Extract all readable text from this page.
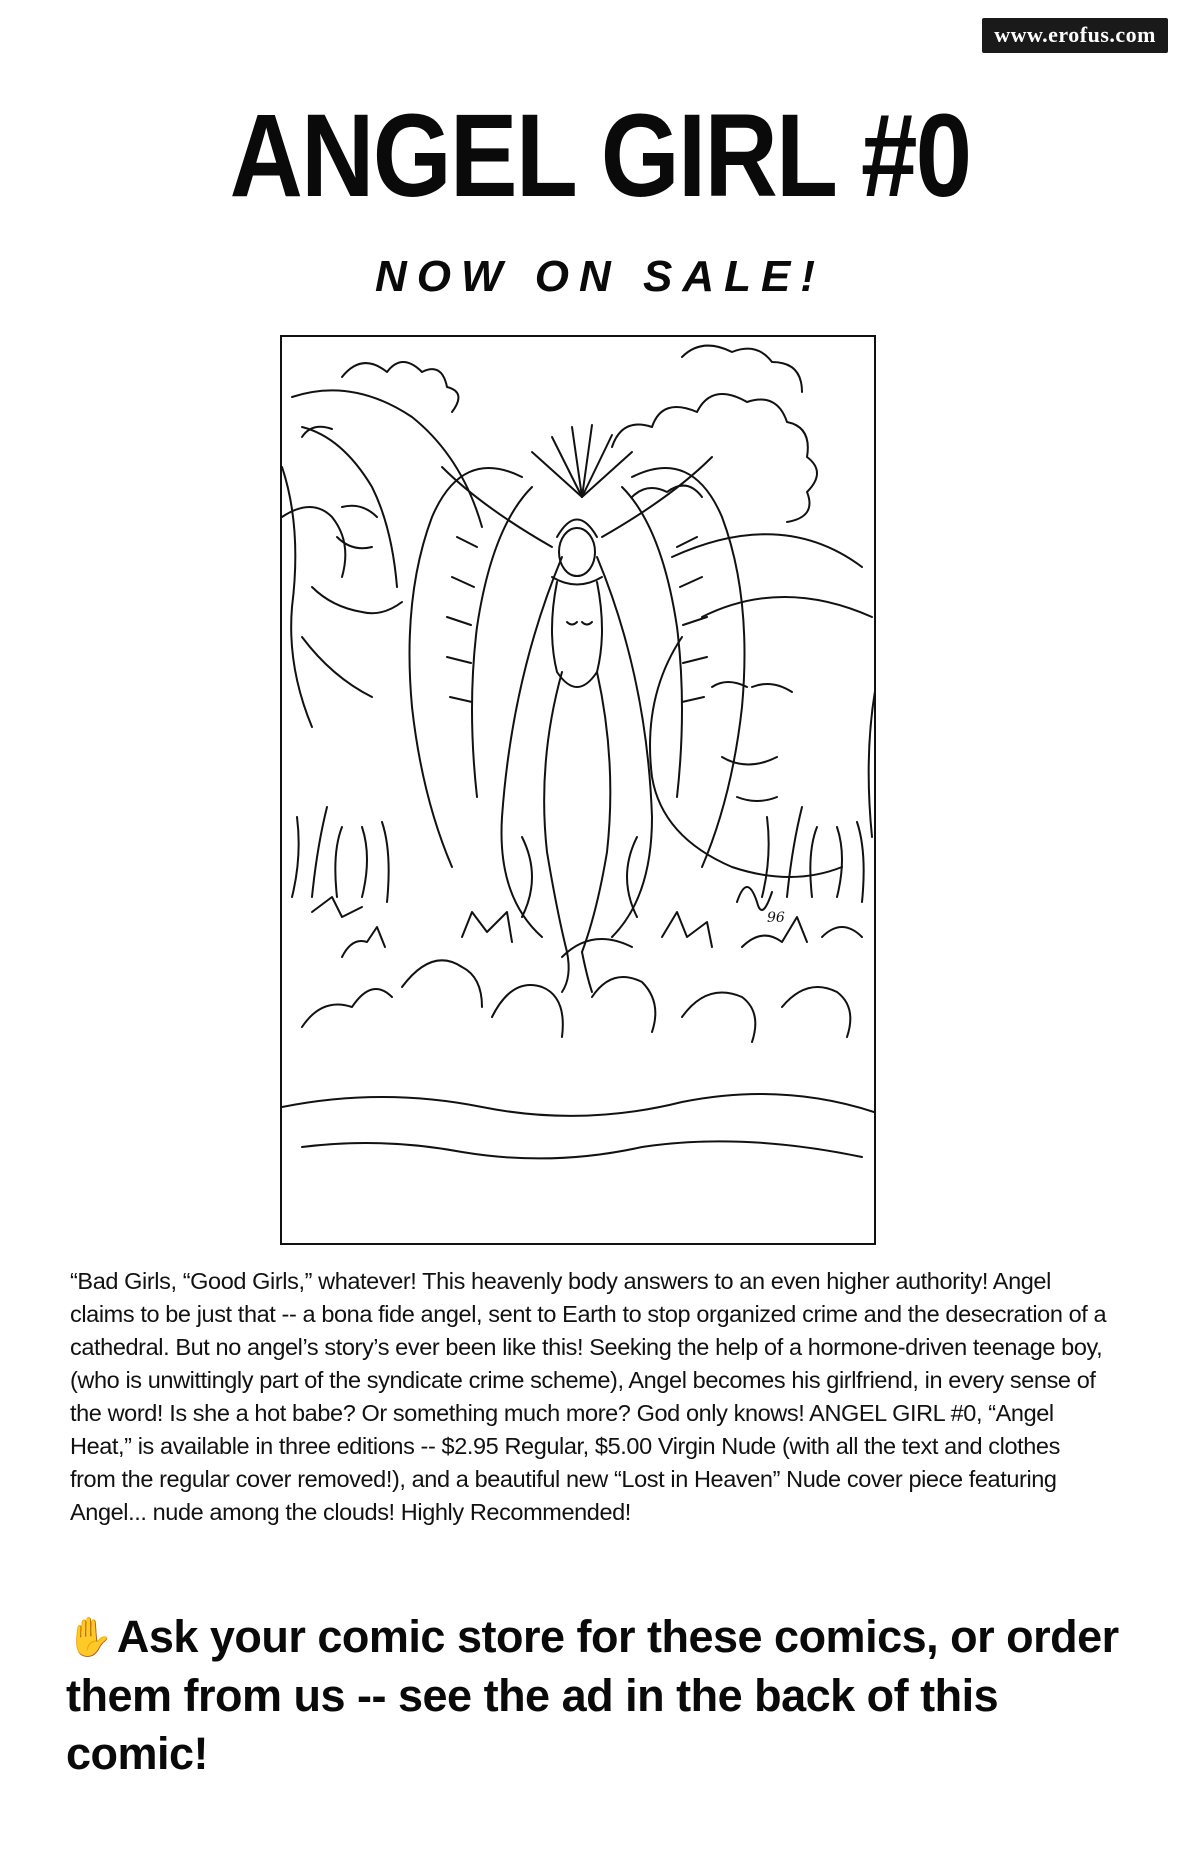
www.erofus.com
ANGEL GIRL #0
NOW ON SALE!
96
“Bad Girls, “Good Girls,” whatever! This heavenly body answers to an even higher authority! Angel claims to be just that -- a bona fide angel, sent to Earth to stop organized crime and the desecration of a cathedral. But no angel’s story’s ever been like this! Seeking the help of a hormone-driven teenage boy, (who is unwittingly part of the syndicate crime scheme), Angel becomes his girlfriend, in every sense of the word! Is she a hot babe? Or something much more? God only knows! ANGEL GIRL #0, “Angel Heat,” is available in three editions -- $2.95 Regular, $5.00 Virgin Nude (with all the text and clothes from the regular cover removed!), and a beautiful new “Lost in Heaven” Nude cover piece featuring Angel... nude among the clouds! Highly Recommended!
✋Ask your comic store for these comics, or order them from us -- see the ad in the back of this comic!
